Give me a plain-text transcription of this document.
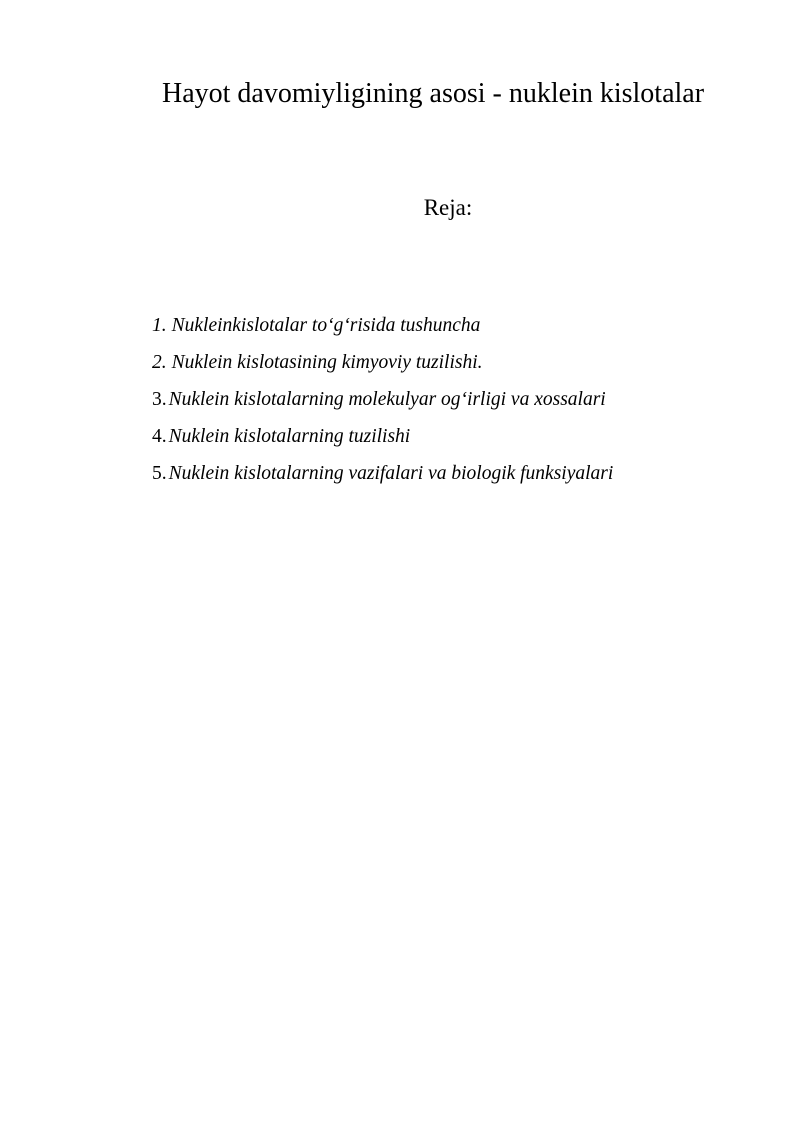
Hayot davomiyligining asosi - nuklein kislotalar
Reja:
1. Nukleinkislotalar to‘g‘risida tushuncha
2. Nuklein kislotasining kimyoviy tuzilishi.
3. Nuklein kislotalarning molekulyar og‘irligi va xossalari
4. Nuklein kislotalarning tuzilishi
5. Nuklein kislotalarning vazifalari va biologik funksiyalari
